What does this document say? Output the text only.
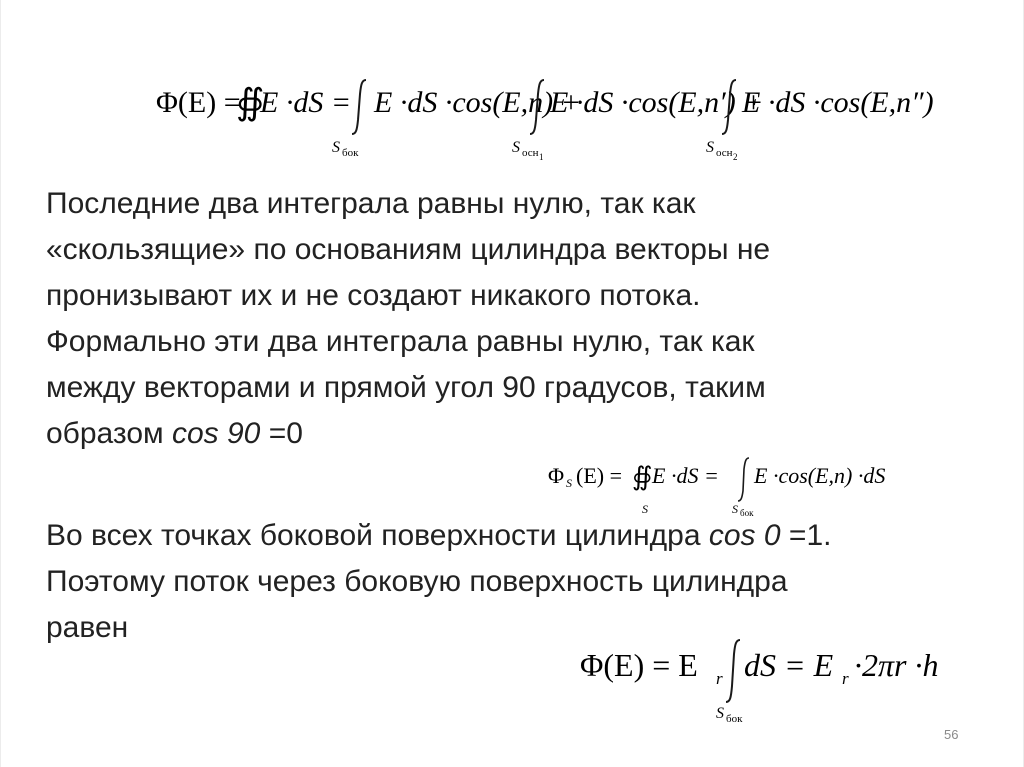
Φ(E) =
∯
E ·dS = E ·dS ·cos(E,n) +
S бок
E ·dS ·cos(E,n′) +
S осн 1
E ·dS ·cos(E,n″)
S осн 2
Последние два интеграла равны нулю, так как
«скользящие» по основаниям цилиндра векторы не
пронизывают их и не создают никакого потока.
Формально эти два интеграла равны нулю, так как
между векторами и прямой угол 90 градусов, таким
образом cos 90 =0
Φ S (E) = ∯ E ·dS =
S
E ·cos(E,n) ·dS
S бок
Во всех точках боковой поверхности цилиндра cos 0 =1.
Поэтому поток через боковую поверхность цилиндра
равен
Φ(E) = E r dS = E r ·2πr ·h
S бок
56
